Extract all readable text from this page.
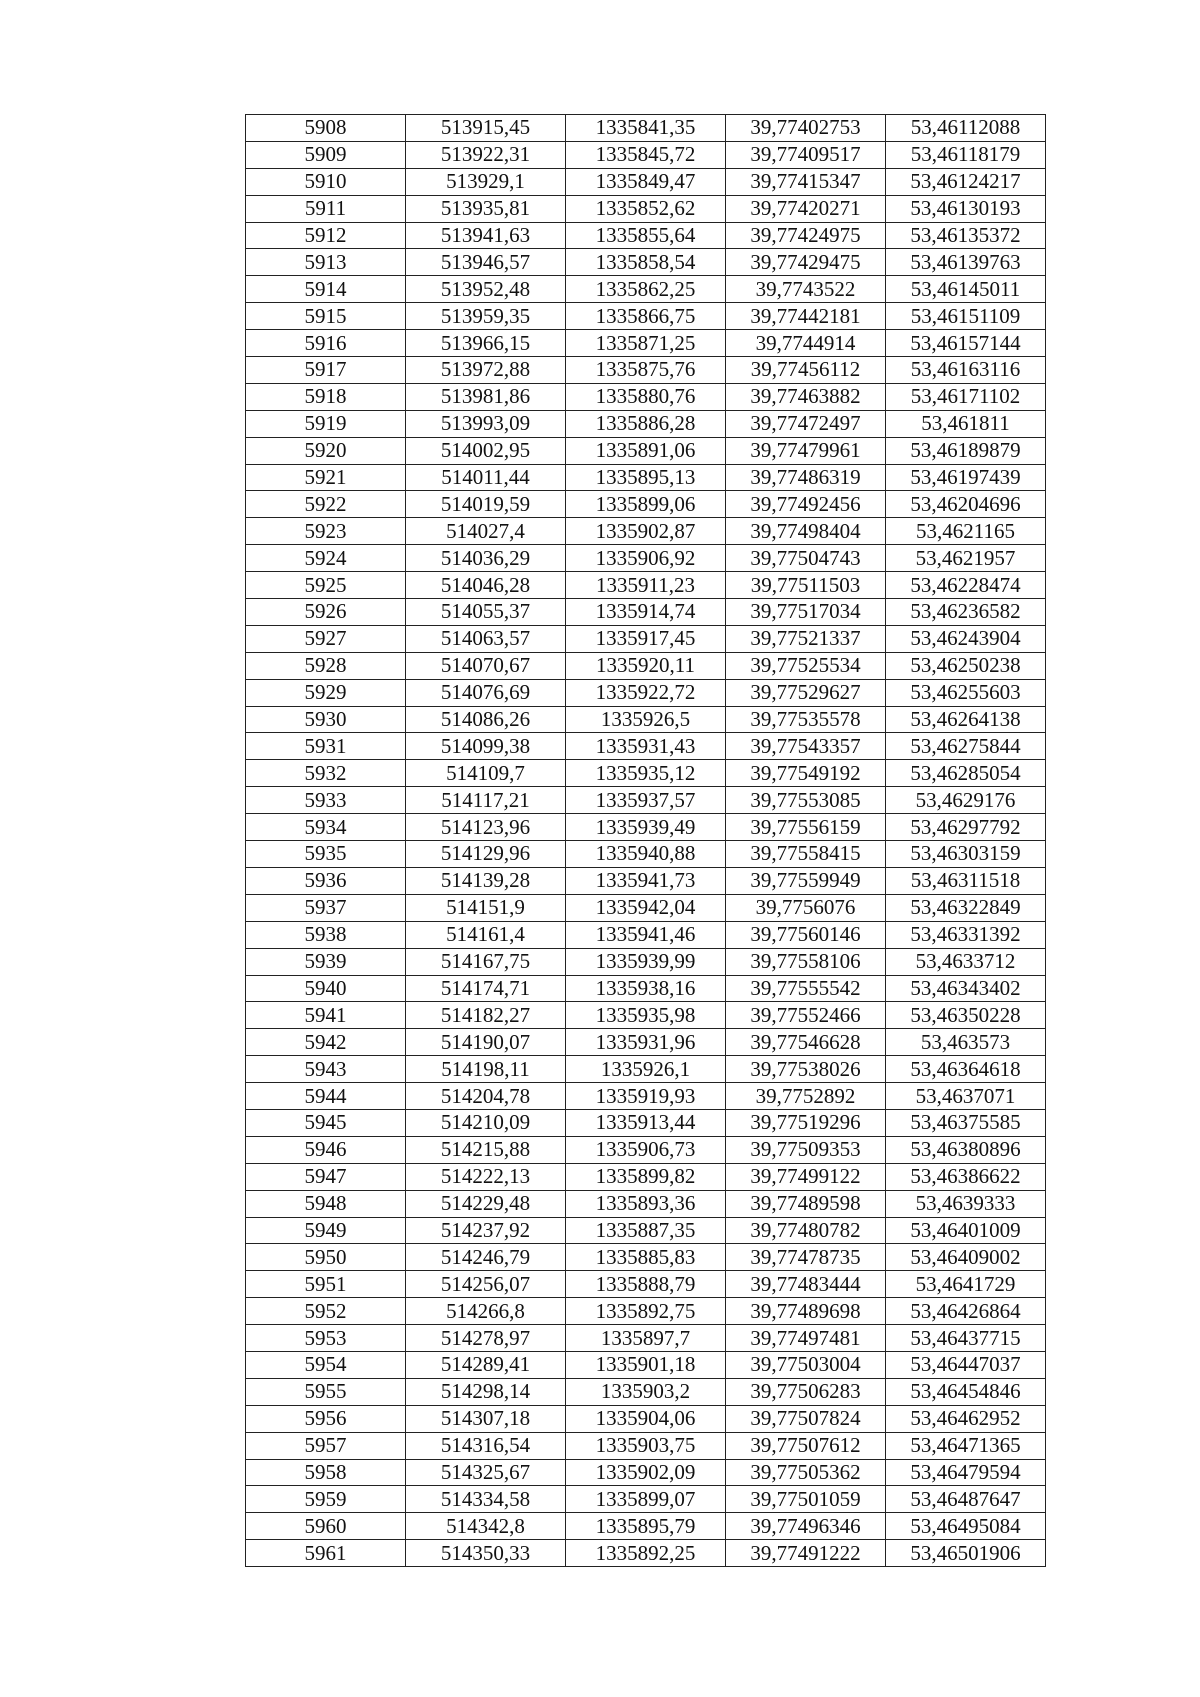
5908	513915,45	1335841,35	39,77402753	53,46112088
5909	513922,31	1335845,72	39,77409517	53,46118179
5910	513929,1	1335849,47	39,77415347	53,46124217
5911	513935,81	1335852,62	39,77420271	53,46130193
5912	513941,63	1335855,64	39,77424975	53,46135372
5913	513946,57	1335858,54	39,77429475	53,46139763
5914	513952,48	1335862,25	39,7743522	53,46145011
5915	513959,35	1335866,75	39,77442181	53,46151109
5916	513966,15	1335871,25	39,7744914	53,46157144
5917	513972,88	1335875,76	39,77456112	53,46163116
5918	513981,86	1335880,76	39,77463882	53,46171102
5919	513993,09	1335886,28	39,77472497	53,461811
5920	514002,95	1335891,06	39,77479961	53,46189879
5921	514011,44	1335895,13	39,77486319	53,46197439
5922	514019,59	1335899,06	39,77492456	53,46204696
5923	514027,4	1335902,87	39,77498404	53,4621165
5924	514036,29	1335906,92	39,77504743	53,4621957
5925	514046,28	1335911,23	39,77511503	53,46228474
5926	514055,37	1335914,74	39,77517034	53,46236582
5927	514063,57	1335917,45	39,77521337	53,46243904
5928	514070,67	1335920,11	39,77525534	53,46250238
5929	514076,69	1335922,72	39,77529627	53,46255603
5930	514086,26	1335926,5	39,77535578	53,46264138
5931	514099,38	1335931,43	39,77543357	53,46275844
5932	514109,7	1335935,12	39,77549192	53,46285054
5933	514117,21	1335937,57	39,77553085	53,4629176
5934	514123,96	1335939,49	39,77556159	53,46297792
5935	514129,96	1335940,88	39,77558415	53,46303159
5936	514139,28	1335941,73	39,77559949	53,46311518
5937	514151,9	1335942,04	39,7756076	53,46322849
5938	514161,4	1335941,46	39,77560146	53,46331392
5939	514167,75	1335939,99	39,77558106	53,4633712
5940	514174,71	1335938,16	39,77555542	53,46343402
5941	514182,27	1335935,98	39,77552466	53,46350228
5942	514190,07	1335931,96	39,77546628	53,463573
5943	514198,11	1335926,1	39,77538026	53,46364618
5944	514204,78	1335919,93	39,7752892	53,4637071
5945	514210,09	1335913,44	39,77519296	53,46375585
5946	514215,88	1335906,73	39,77509353	53,46380896
5947	514222,13	1335899,82	39,77499122	53,46386622
5948	514229,48	1335893,36	39,77489598	53,4639333
5949	514237,92	1335887,35	39,77480782	53,46401009
5950	514246,79	1335885,83	39,77478735	53,46409002
5951	514256,07	1335888,79	39,77483444	53,4641729
5952	514266,8	1335892,75	39,77489698	53,46426864
5953	514278,97	1335897,7	39,77497481	53,46437715
5954	514289,41	1335901,18	39,77503004	53,46447037
5955	514298,14	1335903,2	39,77506283	53,46454846
5956	514307,18	1335904,06	39,77507824	53,46462952
5957	514316,54	1335903,75	39,77507612	53,46471365
5958	514325,67	1335902,09	39,77505362	53,46479594
5959	514334,58	1335899,07	39,77501059	53,46487647
5960	514342,8	1335895,79	39,77496346	53,46495084
5961	514350,33	1335892,25	39,77491222	53,46501906
